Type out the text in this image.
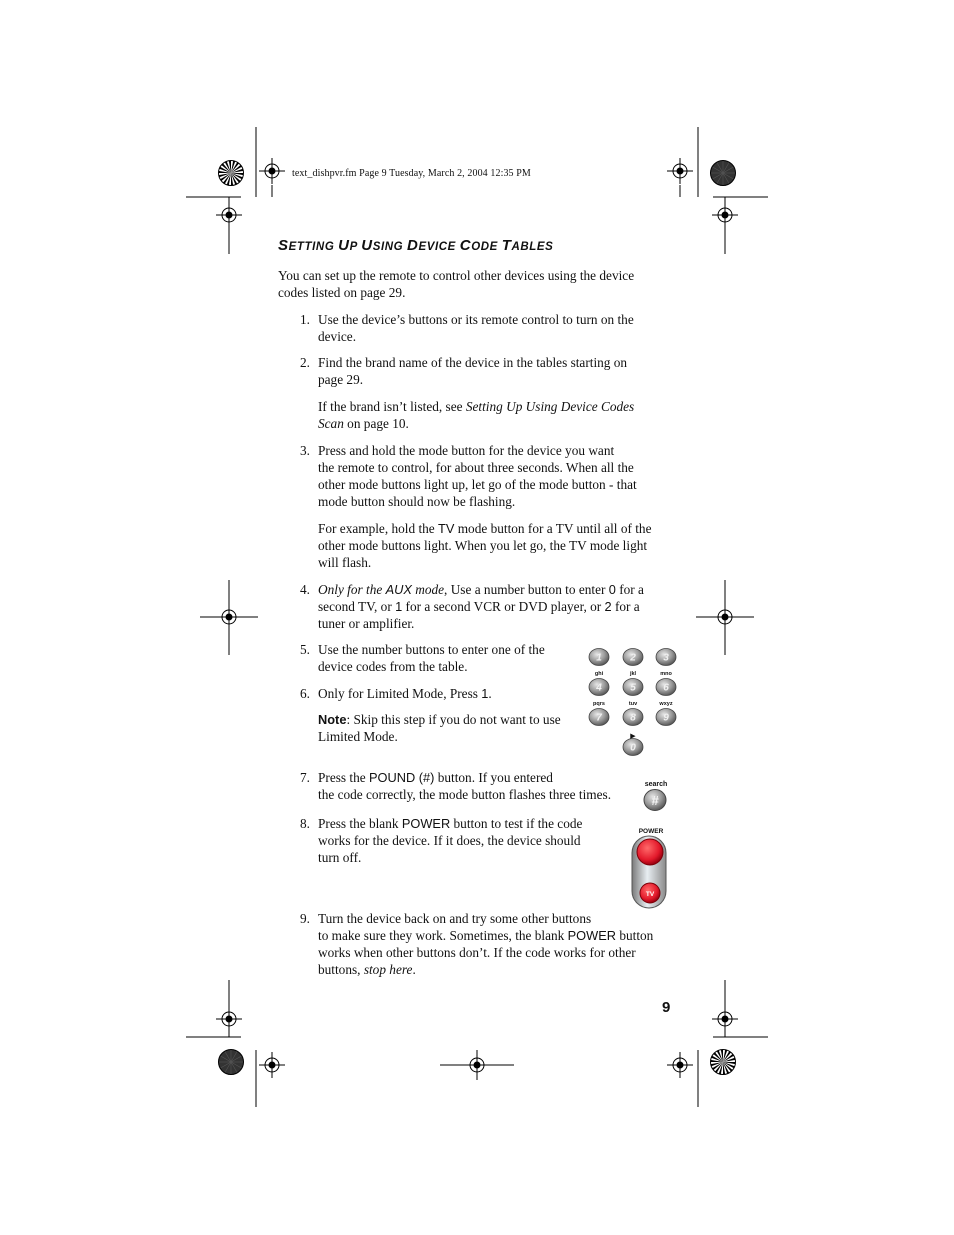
text_dishpvr.fm Page 9 Tuesday, March 2, 2004 12:35 PM
SETTING UP USING DEVICE CODE TABLES
You can set up the remote to control other devices using the device
codes listed on page 29.
1. Use the device’s buttons or its remote control to turn on the
device.
2. Find the brand name of the device in the tables starting on
page 29.
If the brand isn’t listed, see Setting Up Using Device Codes
Scan on page 10.
3. Press and hold the mode button for the device you want
the remote to control, for about three seconds. When all the
other mode buttons light up, let go of the mode button - that
mode button should now be flashing.
For example, hold the TV mode button for a TV until all of the
other mode buttons light. When you let go, the TV mode light
will flash.
4. Only for the AUX mode, Use a number button to enter 0 for a
second TV, or 1 for a second VCR or DVD player, or 2 for a
tuner or amplifier.
5. Use the number buttons to enter one of the
device codes from the table.
6. Only for Limited Mode, Press 1.
Note: Skip this step if you do not want to use
Limited Mode.
7. Press the POUND (#) button. If you entered
the code correctly, the mode button flashes three times.
8. Press the blank POWER button to test if the code
works for the device. If it does, the device should
turn off.
9. Turn the device back on and try some other buttons
to make sure they work. Sometimes, the blank POWER button
works when other buttons don’t. If the code works for other
buttons, stop here.
9
1	2	3
4	5	6
7	8	9
0
ghi	jkl	mno
pqrs	tuv	wxyz
▶
search
#
POWER
TV
